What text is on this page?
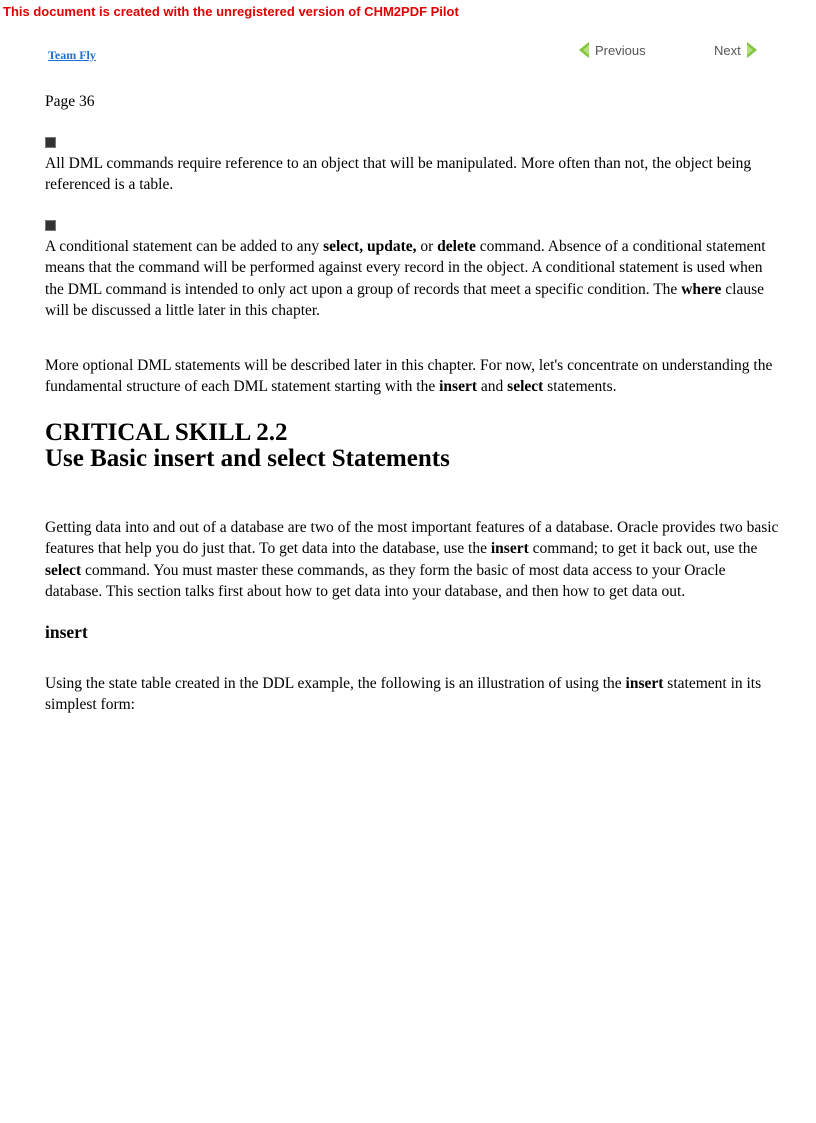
This document is created with the unregistered version of CHM2PDF Pilot

Team Fly	Previous	Next

Page 36

All DML commands require reference to an object that will be manipulated. More often than not, the object being referenced is a table.

A conditional statement can be added to any select, update, or delete command. Absence of a conditional statement means that the command will be performed against every record in the object. A conditional statement is used when the DML command is intended to only act upon a group of records that meet a specific condition. The where clause will be discussed a little later in this chapter.

More optional DML statements will be described later in this chapter. For now, let's concentrate on understanding the fundamental structure of each DML statement starting with the insert and select statements.

CRITICAL SKILL 2.2
Use Basic insert and select Statements

Getting data into and out of a database are two of the most important features of a database. Oracle provides two basic features that help you do just that. To get data into the database, use the insert command; to get it back out, use the select command. You must master these commands, as they form the basic of most data access to your Oracle database. This section talks first about how to get data into your database, and then how to get data out.

insert

Using the state table created in the DDL example, the following is an illustration of using the insert statement in its simplest form:
